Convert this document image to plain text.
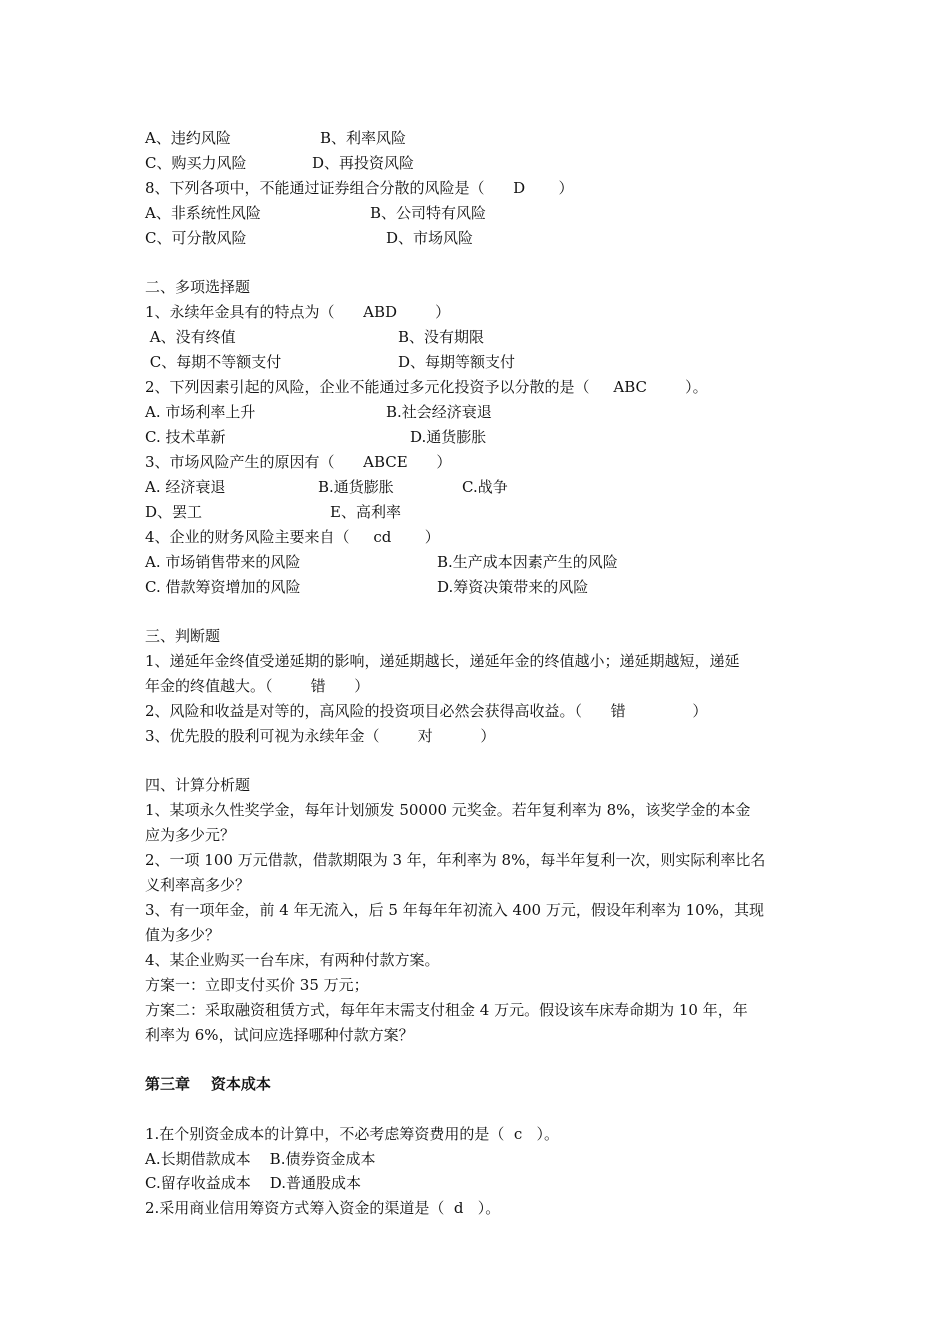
A、违约风险	B、利率风险
C、购买力风险	D、再投资风险
8、下列各项中，不能通过证券组合分散的风险是（      D       ）
A、非系统性风险	B、公司特有风险
C、可分散风险	D、市场风险
二、多项选择题
1、永续年金具有的特点为（      ABD        ）
A、没有终值	B、没有期限
C、每期不等额支付	D、每期等额支付
2、下列因素引起的风险，企业不能通过多元化投资予以分散的是（     ABC        ）。
A. 市场利率上升	B.社会经济衰退
C. 技术革新	D.通货膨胀
3、市场风险产生的原因有（      ABCE      ）
A. 经济衰退	B.通货膨胀	C.战争
D、罢工	E、高利率
4、企业的财务风险主要来自（     cd       ）
A. 市场销售带来的风险	B.生产成本因素产生的风险
C. 借款筹资增加的风险	D.筹资决策带来的风险
三、判断题
1、递延年金终值受递延期的影响，递延期越长，递延年金的终值越小；递延期越短，递延
年金的终值越大。（        错      ）
2、风险和收益是对等的，高风险的投资项目必然会获得高收益。（      错              ）
3、优先股的股利可视为永续年金（        对          ）
四、计算分析题
1、某项永久性奖学金，每年计划颁发 50000 元奖金。若年复利率为 8%，该奖学金的本金
应为多少元？
2、一项 100 万元借款，借款期限为 3 年，年利率为 8%，每半年复利一次，则实际利率比名
义利率高多少？
3、有一项年金，前 4 年无流入，后 5 年每年年初流入 400 万元，假设年利率为 10%，其现
值为多少？
4、某企业购买一台车床，有两种付款方案。
方案一：立即支付买价 35 万元；
方案二：采取融资租赁方式，每年年末需支付租金 4 万元。假设该车床寿命期为 10 年，年
利率为 6%，试问应选择哪种付款方案？
第三章    资本成本
1.在个别资金成本的计算中，不必考虑筹资费用的是（  c   ）。
A.长期借款成本    B.债券资金成本
C.留存收益成本    D.普通股成本
2.采用商业信用筹资方式筹入资金的渠道是（  d   ）。
